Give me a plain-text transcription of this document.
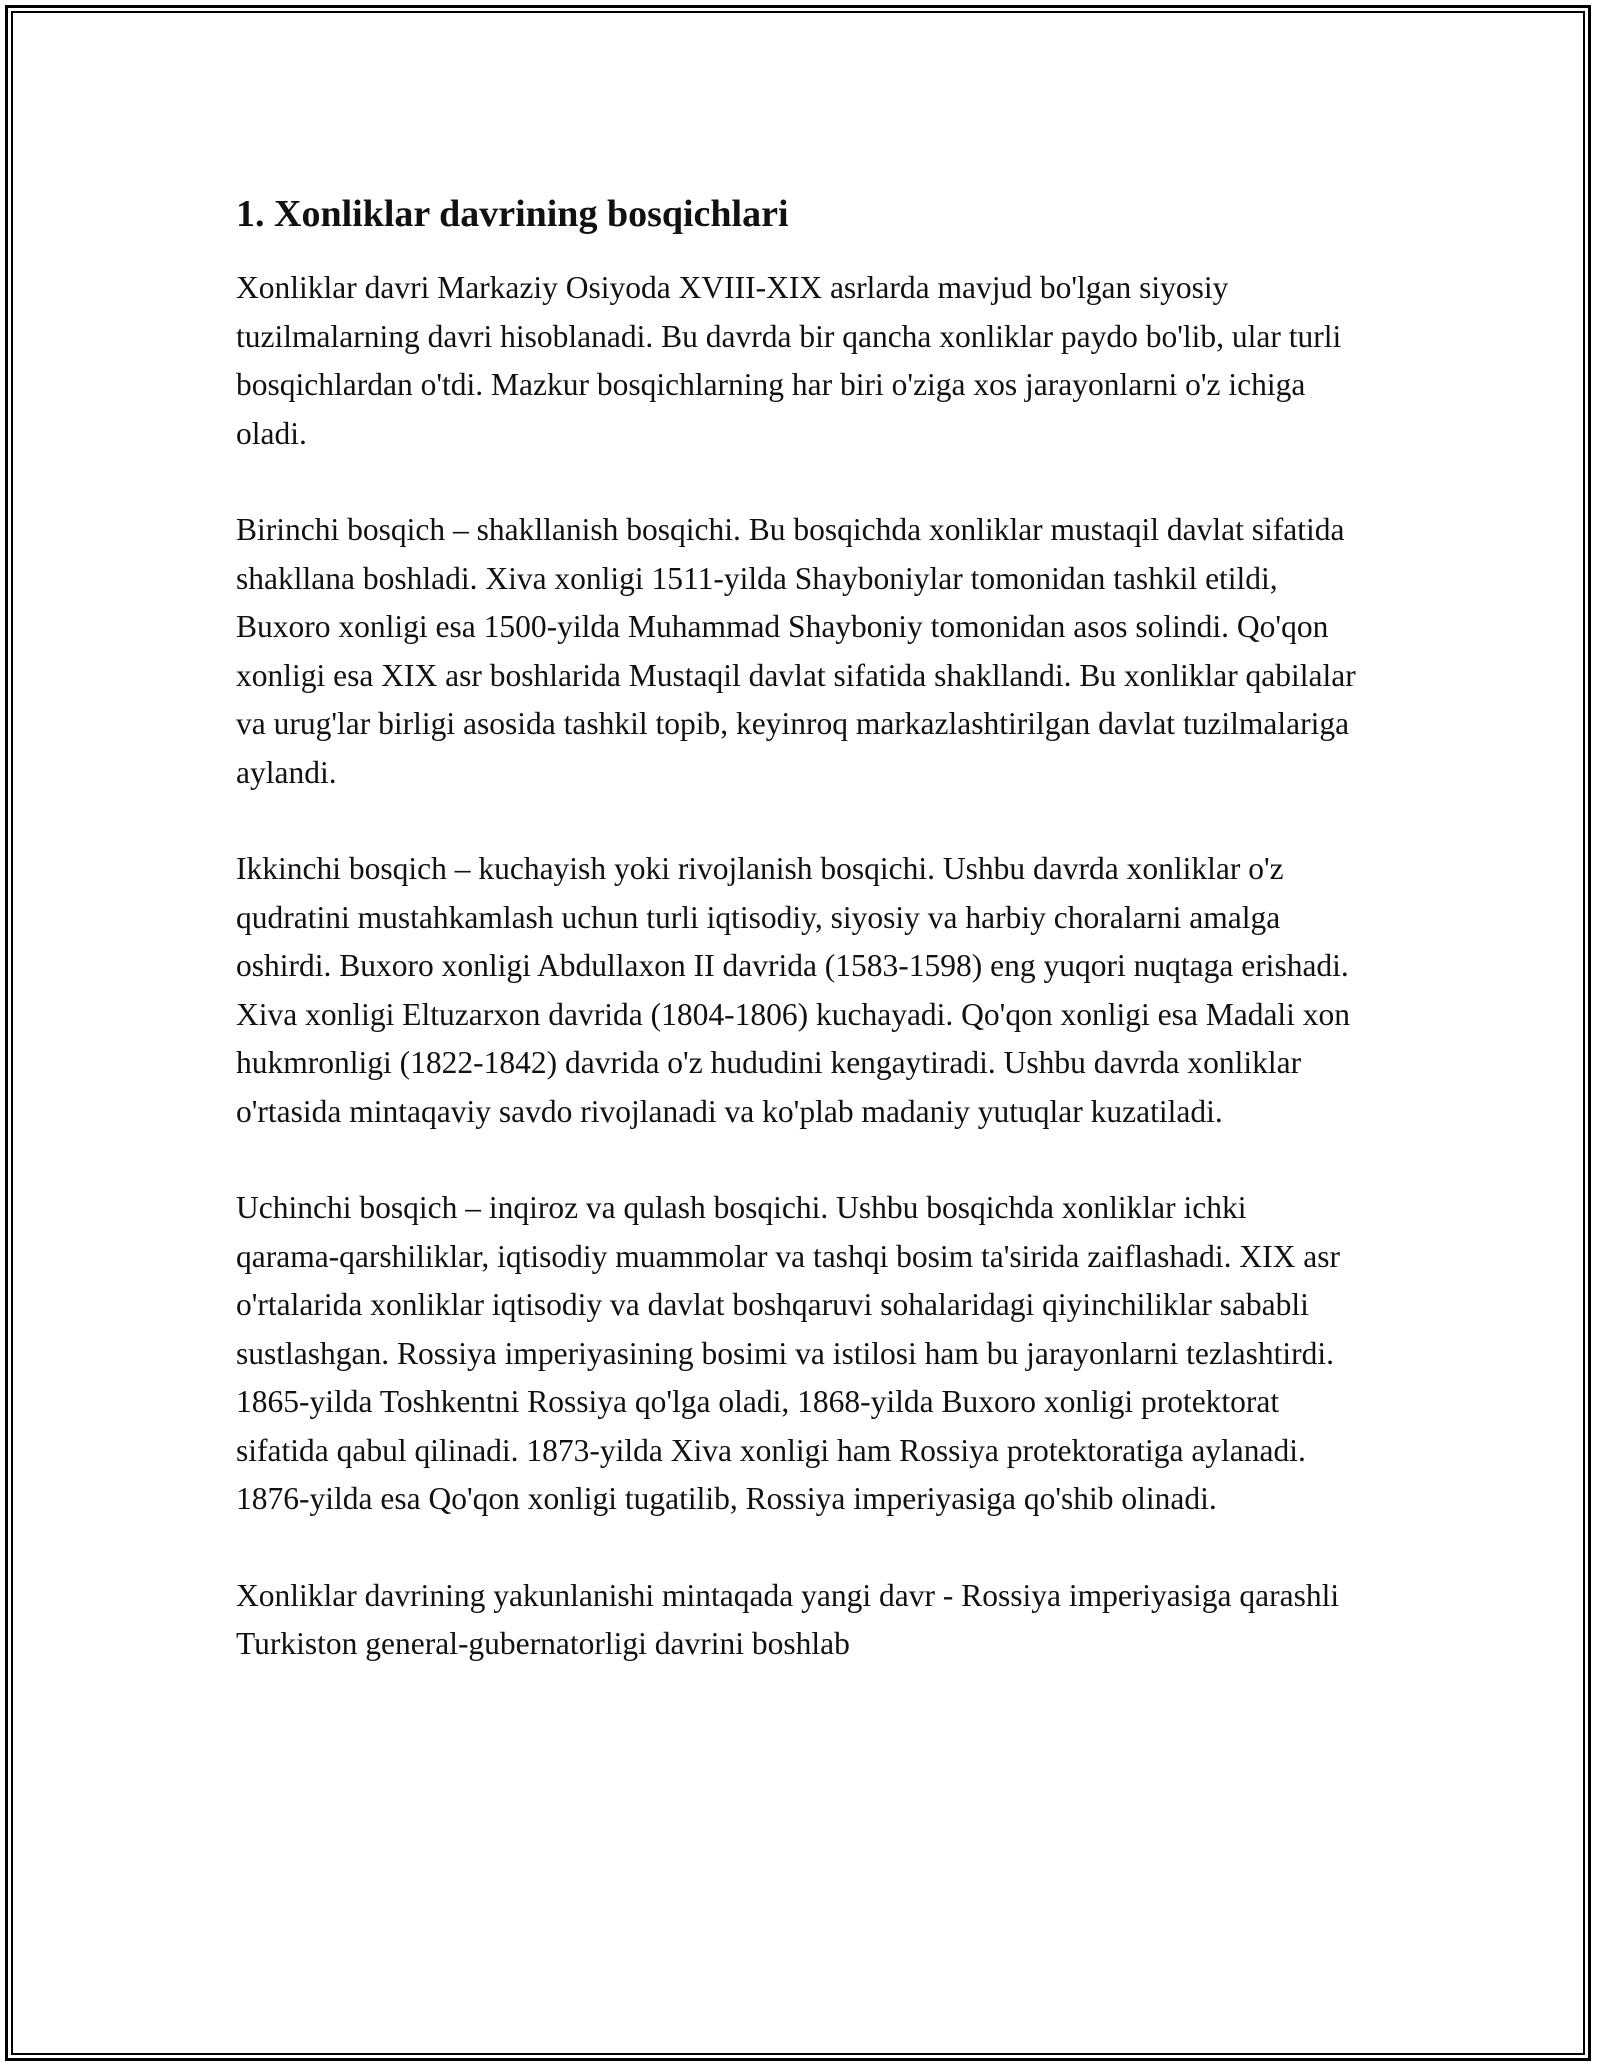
1. Xonliklar davrining bosqichlari

Xonliklar davri Markaziy Osiyoda XVIII-XIX asrlarda mavjud bo'lgan siyosiy tuzilmalarning davri hisoblanadi. Bu davrda bir qancha xonliklar paydo bo'lib, ular turli bosqichlardan o'tdi. Mazkur bosqichlarning har biri o'ziga xos jarayonlarni o'z ichiga oladi.

Birinchi bosqich – shakllanish bosqichi. Bu bosqichda xonliklar mustaqil davlat sifatida shakllana boshladi. Xiva xonligi 1511-yilda Shayboniylar tomonidan tashkil etildi, Buxoro xonligi esa 1500-yilda Muhammad Shayboniy tomonidan asos solindi. Qo'qon xonligi esa XIX asr boshlarida Mustaqil davlat sifatida shakllandi. Bu xonliklar qabilalar va urug'lar birligi asosida tashkil topib, keyinroq markazlashtirilgan davlat tuzilmalariga aylandi.

Ikkinchi bosqich – kuchayish yoki rivojlanish bosqichi. Ushbu davrda xonliklar o'z qudratini mustahkamlash uchun turli iqtisodiy, siyosiy va harbiy choralarni amalga oshirdi. Buxoro xonligi Abdullaxon II davrida (1583-1598) eng yuqori nuqtaga erishadi. Xiva xonligi Eltuzarxon davrida (1804-1806) kuchayadi. Qo'qon xonligi esa Madali xon hukmronligi (1822-1842) davrida o'z hududini kengaytiradi. Ushbu davrda xonliklar o'rtasida mintaqaviy savdo rivojlanadi va ko'plab madaniy yutuqlar kuzatiladi.

Uchinchi bosqich – inqiroz va qulash bosqichi. Ushbu bosqichda xonliklar ichki qarama-qarshiliklar, iqtisodiy muammolar va tashqi bosim ta'sirida zaiflashadi. XIX asr o'rtalarida xonliklar iqtisodiy va davlat boshqaruvi sohalaridagi qiyinchiliklar sababli sustlashgan. Rossiya imperiyasining bosimi va istilosi ham bu jarayonlarni tezlashtirdi. 1865-yilda Toshkentni Rossiya qo'lga oladi, 1868-yilda Buxoro xonligi protektorat sifatida qabul qilinadi. 1873-yilda Xiva xonligi ham Rossiya protektoratiga aylanadi. 1876-yilda esa Qo'qon xonligi tugatilib, Rossiya imperiyasiga qo'shib olinadi.

Xonliklar davrining yakunlanishi mintaqada yangi davr - Rossiya imperiyasiga qarashli Turkiston general-gubernatorligi davrini boshlab
